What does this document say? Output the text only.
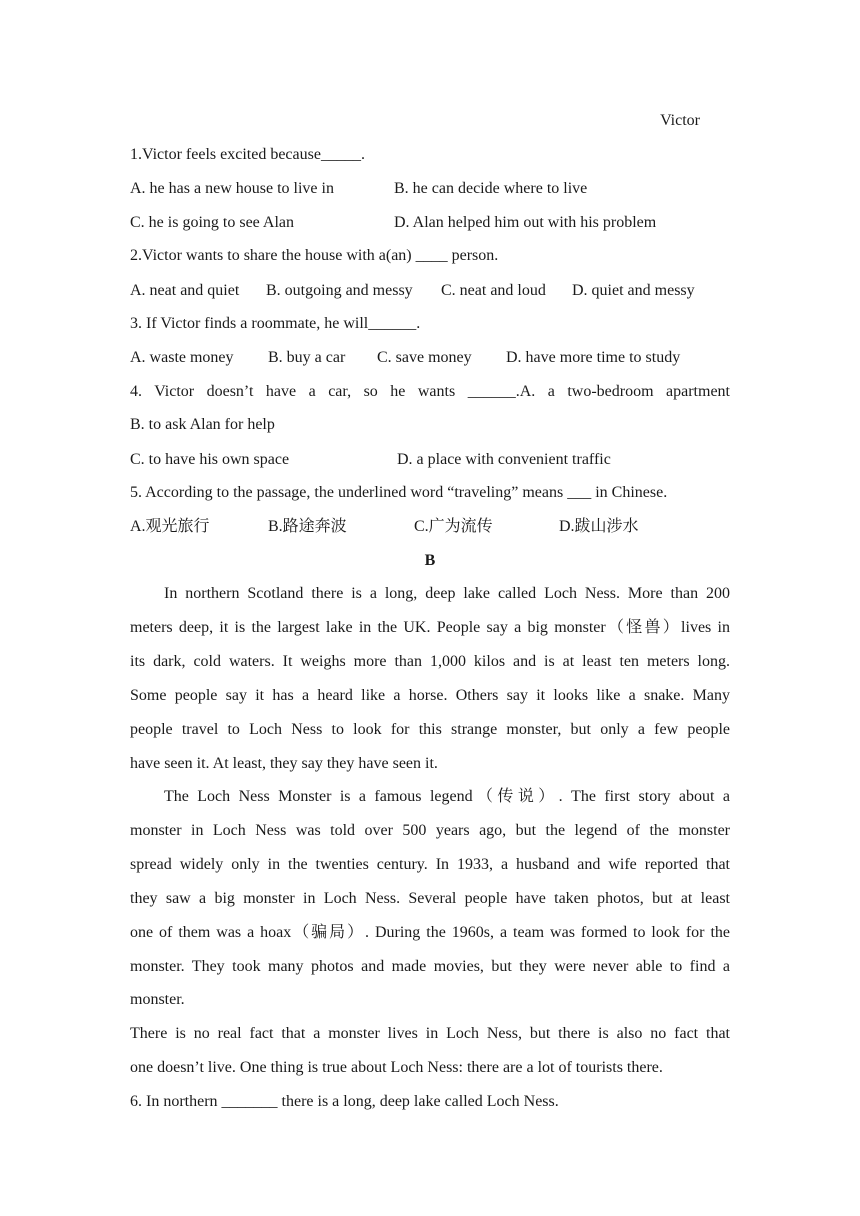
Victor
1.Victor feels excited because_____.
A. he has a new house to live in	B. he can decide where to live
C. he is going to see Alan	D. Alan helped him out with his problem
2.Victor wants to share the house with a(an) ____ person.
A. neat and quiet B. outgoing and messy C. neat and loud D. quiet and messy
3. If Victor finds a roommate, he will______.
A. waste money B. buy a car C. save money D. have more time to study
4. Victor doesn’t have a car, so he wants ______.A. a two-bedroom apartment
B. to ask Alan for help
C. to have his own space	D. a place with convenient traffic
5. According to the passage, the underlined word “traveling” means ___ in Chinese.
A.观光旅行	B.路途奔波	C.广为流传	D.跋山涉水
B
In northern Scotland there is a long, deep lake called Loch Ness. More than 200
meters deep, it is the largest lake in the UK. People say a big monster（怪兽）lives in
its dark, cold waters. It weighs more than 1,000 kilos and is at least ten meters long.
Some people say it has a heard like a horse. Others say it looks like a snake. Many
people travel to Loch Ness to look for this strange monster, but only a few people
have seen it. At least, they say they have seen it.
The Loch Ness Monster is a famous legend（传说）. The first story about a
monster in Loch Ness was told over 500 years ago, but the legend of the monster
spread widely only in the twenties century. In 1933, a husband and wife reported that
they saw a big monster in Loch Ness. Several people have taken photos, but at least
one of them was a hoax（骗局）. During the 1960s, a team was formed to look for the
monster. They took many photos and made movies, but they were never able to find a
monster.
There is no real fact that a monster lives in Loch Ness, but there is also no fact that
one doesn’t live. One thing is true about Loch Ness: there are a lot of tourists there.
6. In northern _______ there is a long, deep lake called Loch Ness.
